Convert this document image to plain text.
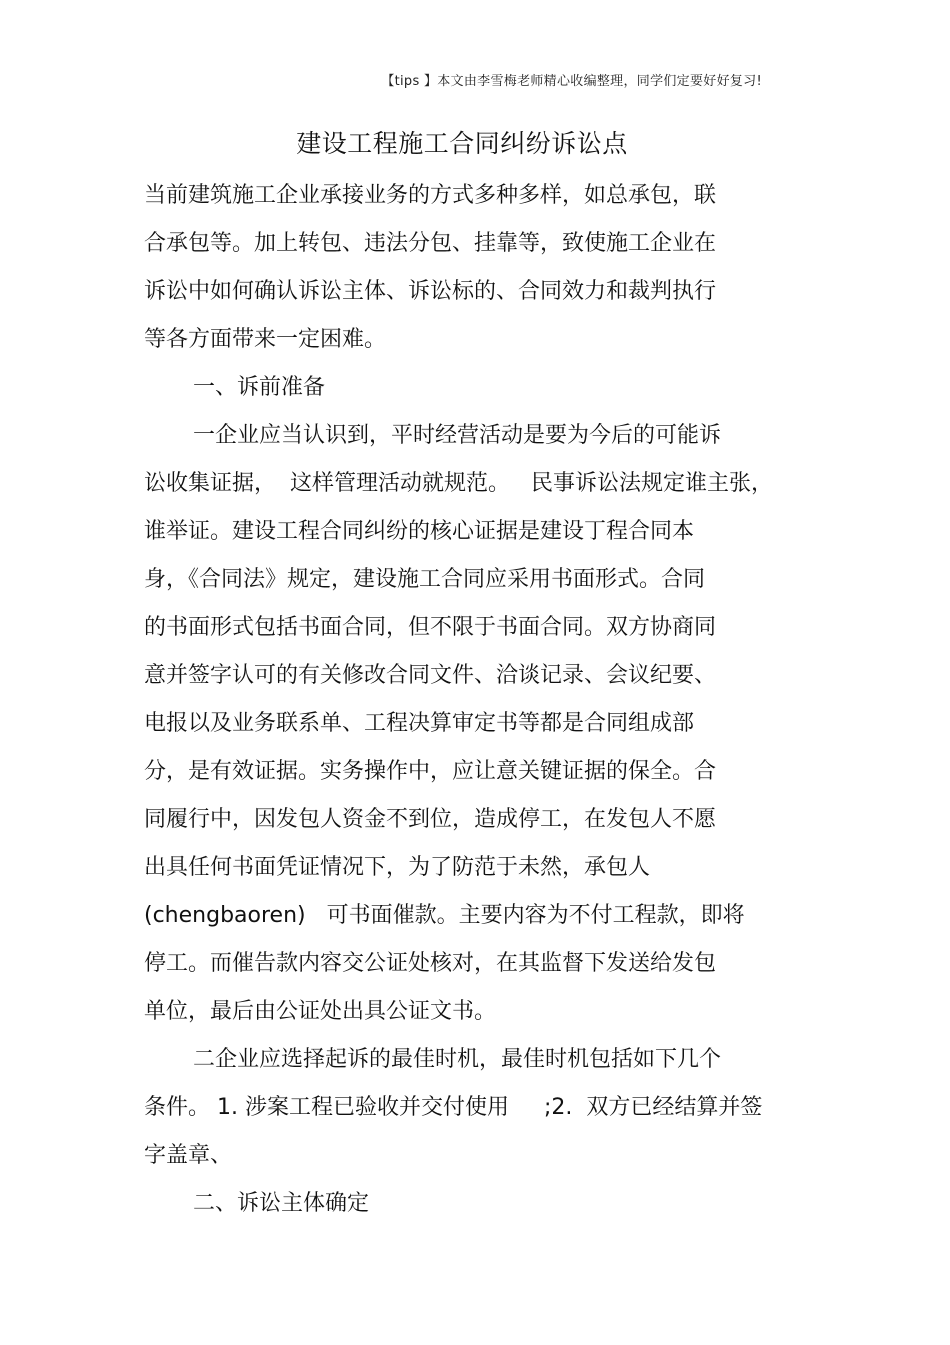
【tips 】本文由李雪梅老师精心收编整理，同学们定要好好复习!
建设工程施工合同纠纷诉讼点
当前建筑施工企业承接业务的方式多种多样，如总承包，联
合承包等。加上转包、违法分包、挂靠等，致使施工企业在
诉讼中如何确认诉讼主体、诉讼标的、合同效力和裁判执行
等各方面带来一定困难。
一、诉前准备
一企业应当认识到，平时经营活动是要为今后的可能诉
讼收集证据，  这样管理活动就规范。   民事诉讼法规定谁主张，
谁举证。建设工程合同纠纷的核心证据是建设丁程合同本
身，《合同法》规定，建设施工合同应采用书面形式。合同
的书面形式包括书面合同，但不限于书面合同。双方协商同
意并签字认可的有关修改合同文件、洽谈记录、会议纪要、
电报以及业务联系单、工程决算审定书等都是合同组成部
分，是有效证据。实务操作中，应让意关键证据的保全。合
同履行中，因发包人资金不到位，造成停工，在发包人不愿
出具任何书面凭证情况下，为了防范于未然，承包人
(chengbaoren)   可书面催款。主要内容为不付工程款，即将
停工。而催告款内容交公证处核对，在其监督下发送给发包
单位，最后由公证处出具公证文书。
二企业应选择起诉的最佳时机，最佳时机包括如下几个
条件。 1. 涉案工程已验收并交付使用     ;2.  双方已经结算并签
字盖章、
二、诉讼主体确定
